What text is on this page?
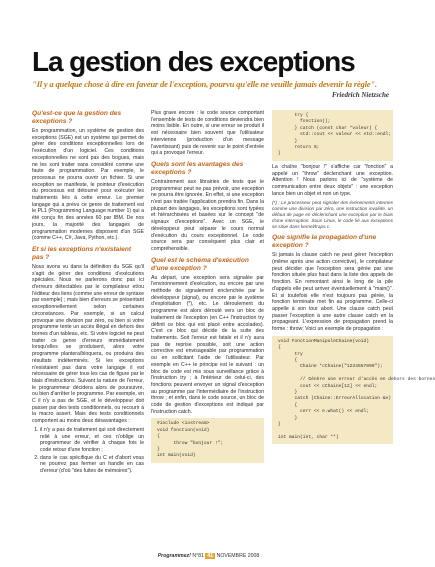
La gestion des exceptions
"Il y a quelque chose à dire en faveur de l'exception, pourvu qu'elle ne veuille jamais devenir la règle".
Friedrich Nietzsche
Qu'est-ce que la gestion des exceptions ?

En programmation, un système de gestion des exceptions (SGE) est un système qui permet de gérer des conditions exceptionnelles lors de l'exécution d'un logiciel. Ces conditions exceptionnelles ne sont pas des bogues, mais ne les sont traiter sans considéré comme une faute de programmation. Par exemple, le processus ne pourra ouvrir un fichier. Si une exception se manifeste, le pointeur d'exécution du processus est détourné pour exécuter les traitements liés à cette erreur. Le premier langage qui a prévu ce genre de traitement est le PL1 (Programming Language number 1) qui a été conçu fin des années 60 par IBM. De nos jours, la majorité des langages de programmation modernes disposent d'un SGE (comme C++, C#, Java, Python, etc.).

Et si les exceptions n'existaient pas ?

Nous avons vu dans la définition du SGE qu'il s'agit de gérer des conditions d'exécutions spéciales. Nous ne parlerons donc pas ici d'erreurs détectables par le compilateur et/ou l'éditeur des liens (comme une erreur de syntaxe par exemple) ; mais bien d'erreurs se présentant exceptionnellement selon certaines circonstances. Par exemple, si un calcul provoque une division par zéro, ou bien si votre programme tente un accès illégal en dehors des bornes d'un tableau, etc. Si votre logiciel ne peut traiter ce genre d'erreurs immédiatement lorsqu'elles se produisent, alors votre programme plantera/bloquera, ou produira des résultats indéterminés. Si les exceptions n'existaient pas dans votre langage il est nécessaire de gérer tous les cas de figure par le biais d'instructions. Suivant la nature de l'erreur, le programmeur décidera alors de poursuivre, ou bien d'arrêter le programme. Par exemple, en C il n'y a pas de SGE, et le développeur doit passer par des tests conditionnels, ou recourir à la macro assert. Mais des tests conditionnels comportent au moins deux désavantages :

1. il n'y a pas de traitement qui soit directement relié à une erreur, et ces n'oblige un programmeur de vérifier à chaque fois le code retour d'une fonction ;
2. dans le cas spécifique du C et d'abort vous ne pourrez pas fermer un handle en cas d'erreur (d'où "des fuites de mémoires").

Plus grave encore : le code source comportant l'ensemble de tests de conditions deviendra bien moins lisible. En outre, si une erreur se produit il est nécessaire bien souvent que l'utilisateur intervienne (production d'un message l'avertissant) puis de revenir sur le point d'entrée qui a provoqué l'erreur.

Quels sont les avantages des exceptions ?

Contrairement aux librairies de tests que le programmeur peut ne pas prévoir, une exception ne pourra être ignorée. En effet, si une exception n'est pas traitée l'application prendra fin. Dans la plupart des langages, les exceptions sont typées et hiérarchisées et basées sur le concept "de signaux d'exceptions". Avec un SGE, le développeur peut séparer le cours normal d'exécution du cours exceptionnel. Le code source sera par conséquent plus clair et compréhensible.

Quel est le schéma d'exécution d'une exception ?

Au départ, une exception sera signalée par l'environnement d'exécution, ou encore par une méthode de signalement enclenchée par le développeur (signal), ou encore par le système d'exploitation (*), etc. Le déroulement du programme est alors dérouté vers un bloc de traitement de l'exception (en C++ l'instruction try définit ce bloc qui est placé entre accolades). C'est ce bloc qui décide de la suite des traitements. Soit l'erreur est fatale et il n'y aura pas de reprise possible, soit une action corrective est envisageable par programmation ou en sollicitant l'aide de l'utilisateur. Par exemple en C++ le principe est le suivant : un bloc de code est mis sous surveillance grâce à l'instruction try ; à l'intérieur de celui-ci, des fonctions peuvent envoyer un signal d'exception au programme par l'intermédiaire de l'instruction throw ; et enfin, dans le code source, un bloc de code de gestion d'exceptions est indiqué par l'instruction catch.

#include <iostream>
void fonction(void)
{
throw "bonjour !";
}
int main(void)
try {
fonction();
} catch (const char *valeur) {
std::cout << valeur << std::endl;
}
return 0;
}

La chaîne "bonjour !" s'affiche car "fonction" a appelé un "throw" déclenchant une exception. Attention ! Nous parlons ici de "système de communication entre deux objets" : une exception lance bien un objet et non un type.

(*) : Le processeur peut signaler des événements internes comme une division par zéro, une instruction invalide, un défaut de page en déclenchant une exception par le biais d'une interruption. Sous Linux, le code lié aux exceptions se situe dans kernel/traps.c.
Que signifie la propagation d'une exception ?

Si jamais la clause catch ne peut gérer l'exception (même après une action corrective), le compilateur peut décider que l'exception sera gérée par une fonction située plus haut dans la liste des appels de fonction. En remontant ainsi le long de la pile d'appels elle peut arriver éventuellement à "main()". Et si toutefois elle n'est toujours pas gérée, la fonction terminate met fin au programme. Celle-ci appelle à son tour abort. Une clause catch peut passer l'exception à une autre clause catch en la propageant. L'expression de propagation prend la forme : throw; Voici un exemple de propagation :

void FonctionManipuleChaine(void)
{
try
{
Chaine *cChaine("1234567890");

// Génère une erreur d'accès en dehors des bornes
cout << cChaine[12] << endl;
}
catch (Chaine::ErreurAllocation &e)
{
cerr << e.what() << endl;
}
}

int main(int, char **)
Programmez! N°81 41 NOVEMBRE 2008
